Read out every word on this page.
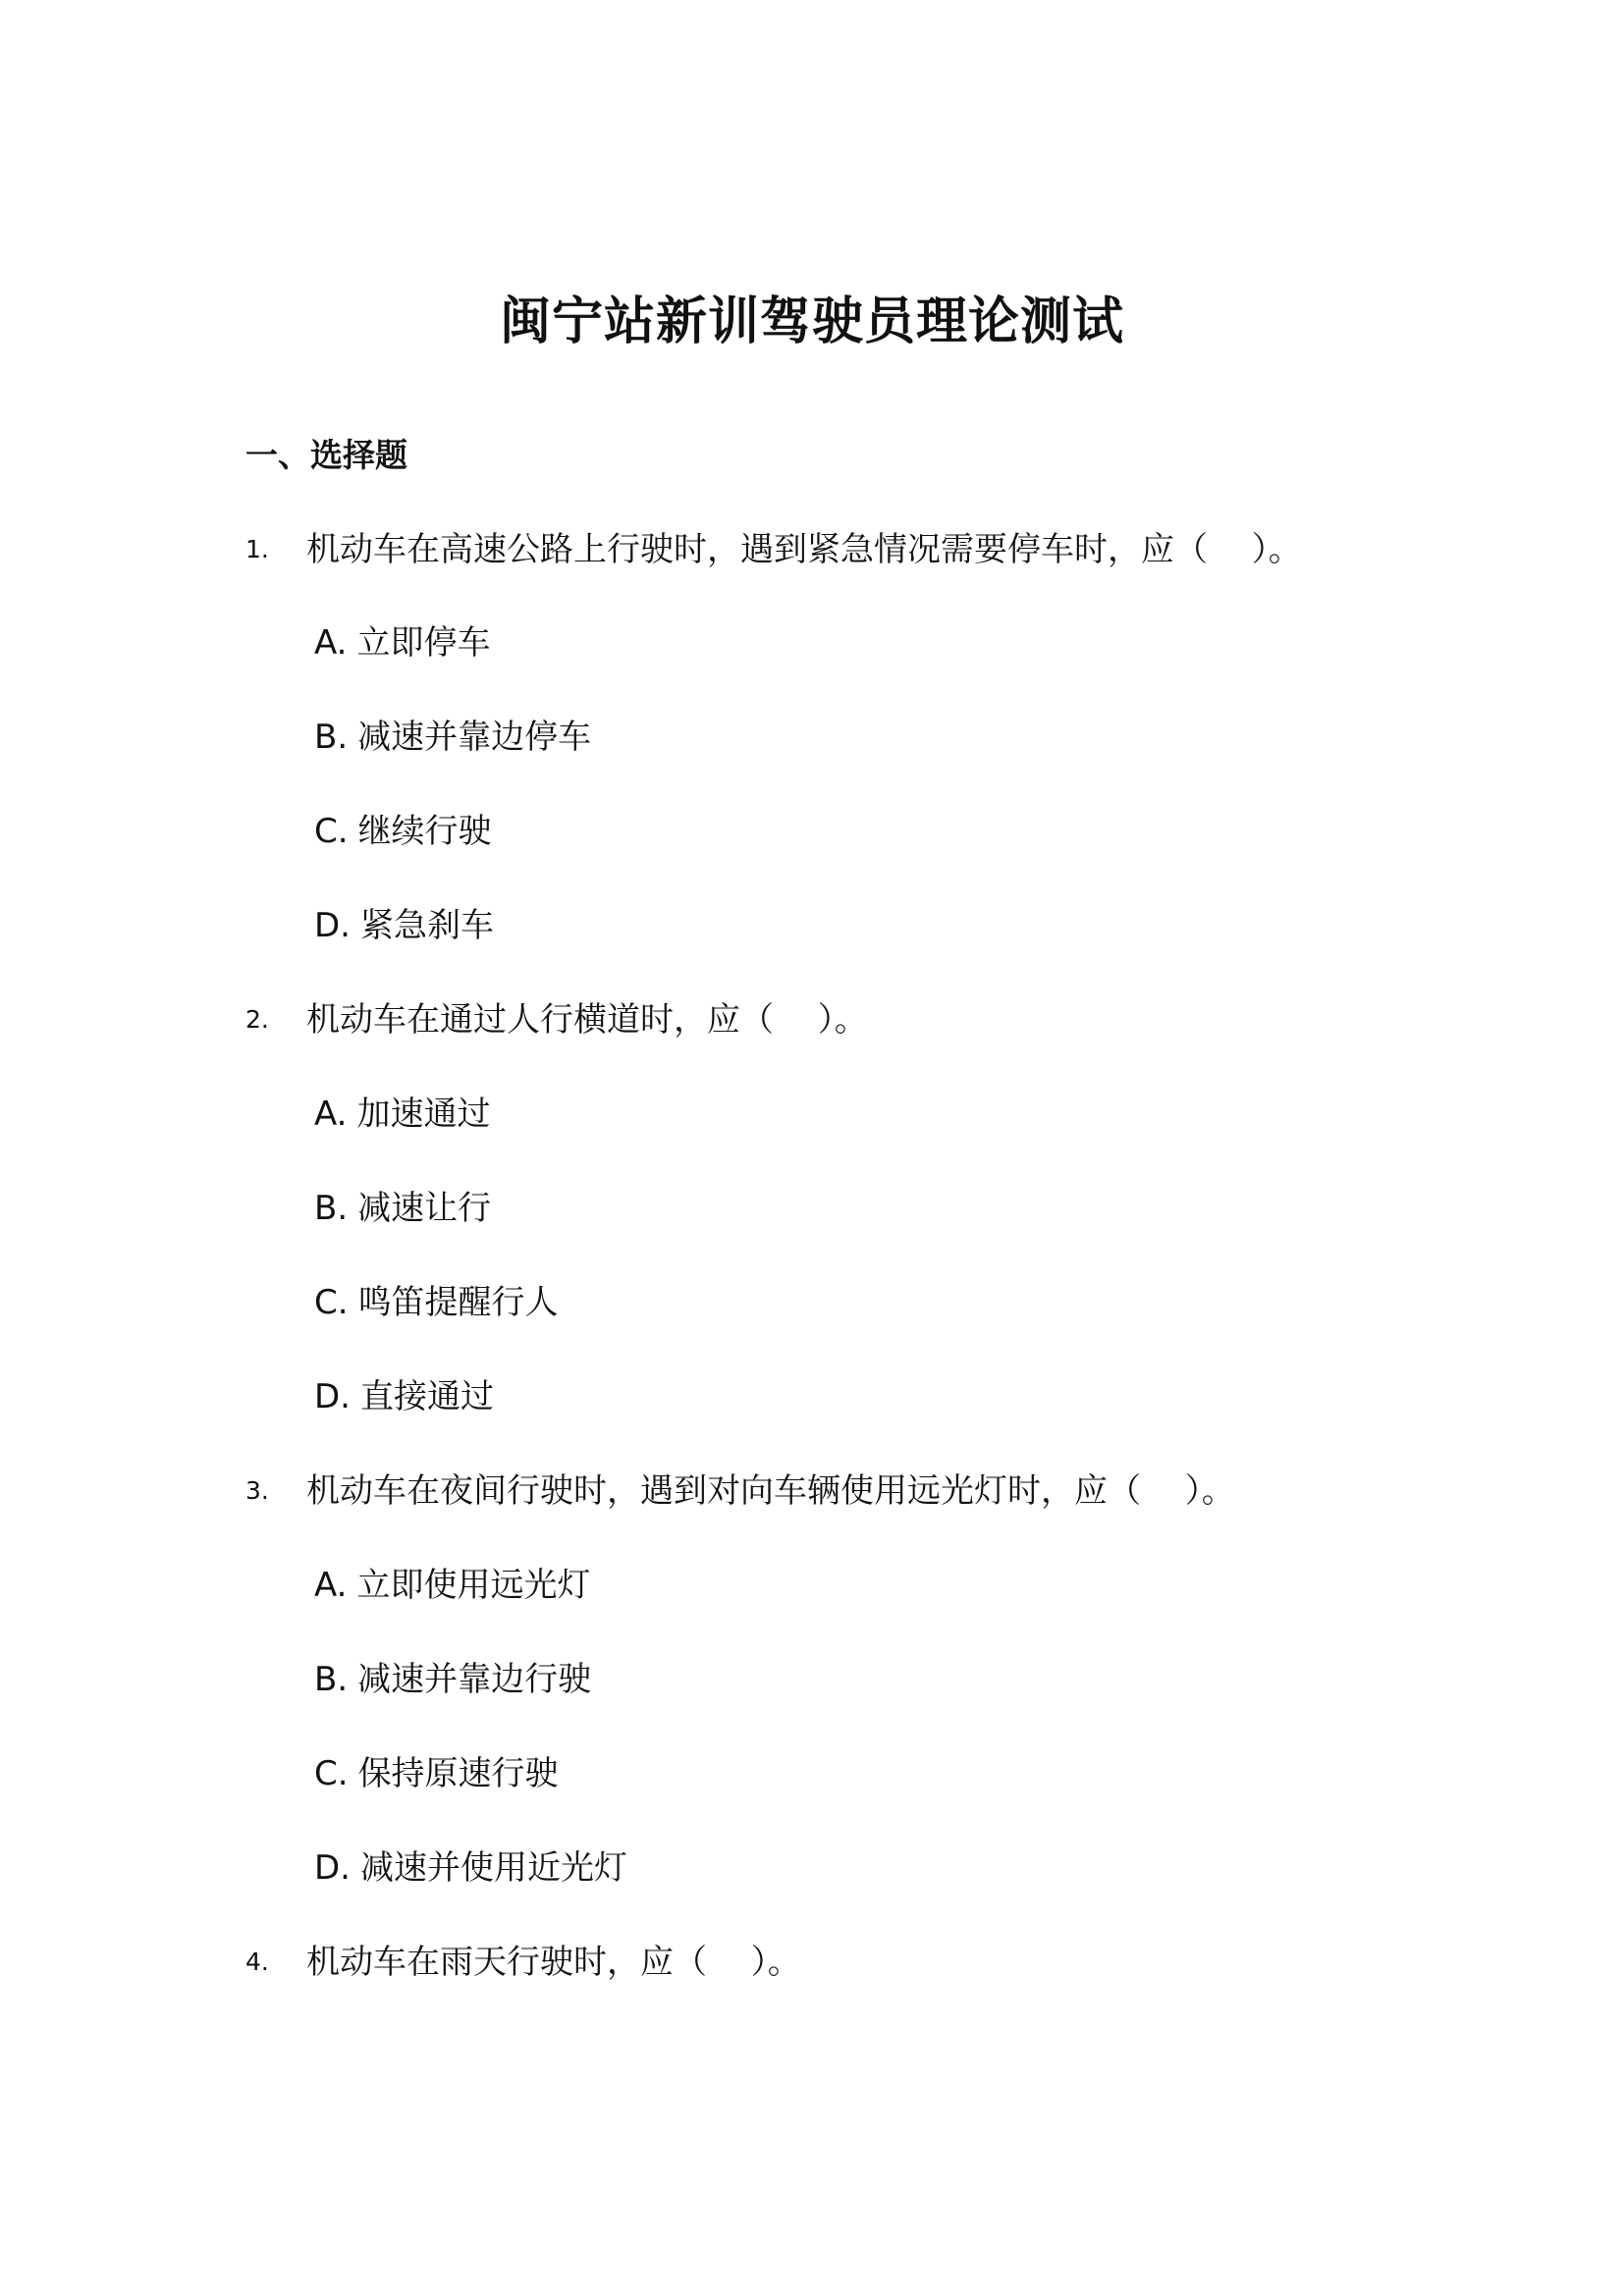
闽宁站新训驾驶员理论测试
一、选择题
1.	机动车在高速公路上行驶时，遇到紧急情况需要停车时，应（　 ）。
A. 立即停车
B. 减速并靠边停车
C. 继续行驶
D. 紧急刹车
2.	机动车在通过人行横道时，应（　 ）。
A. 加速通过
B. 减速让行
C. 鸣笛提醒行人
D. 直接通过
3.	机动车在夜间行驶时，遇到对向车辆使用远光灯时，应（　 ）。
A. 立即使用远光灯
B. 减速并靠边行驶
C. 保持原速行驶
D. 减速并使用近光灯
4.	机动车在雨天行驶时，应（　 ）。
